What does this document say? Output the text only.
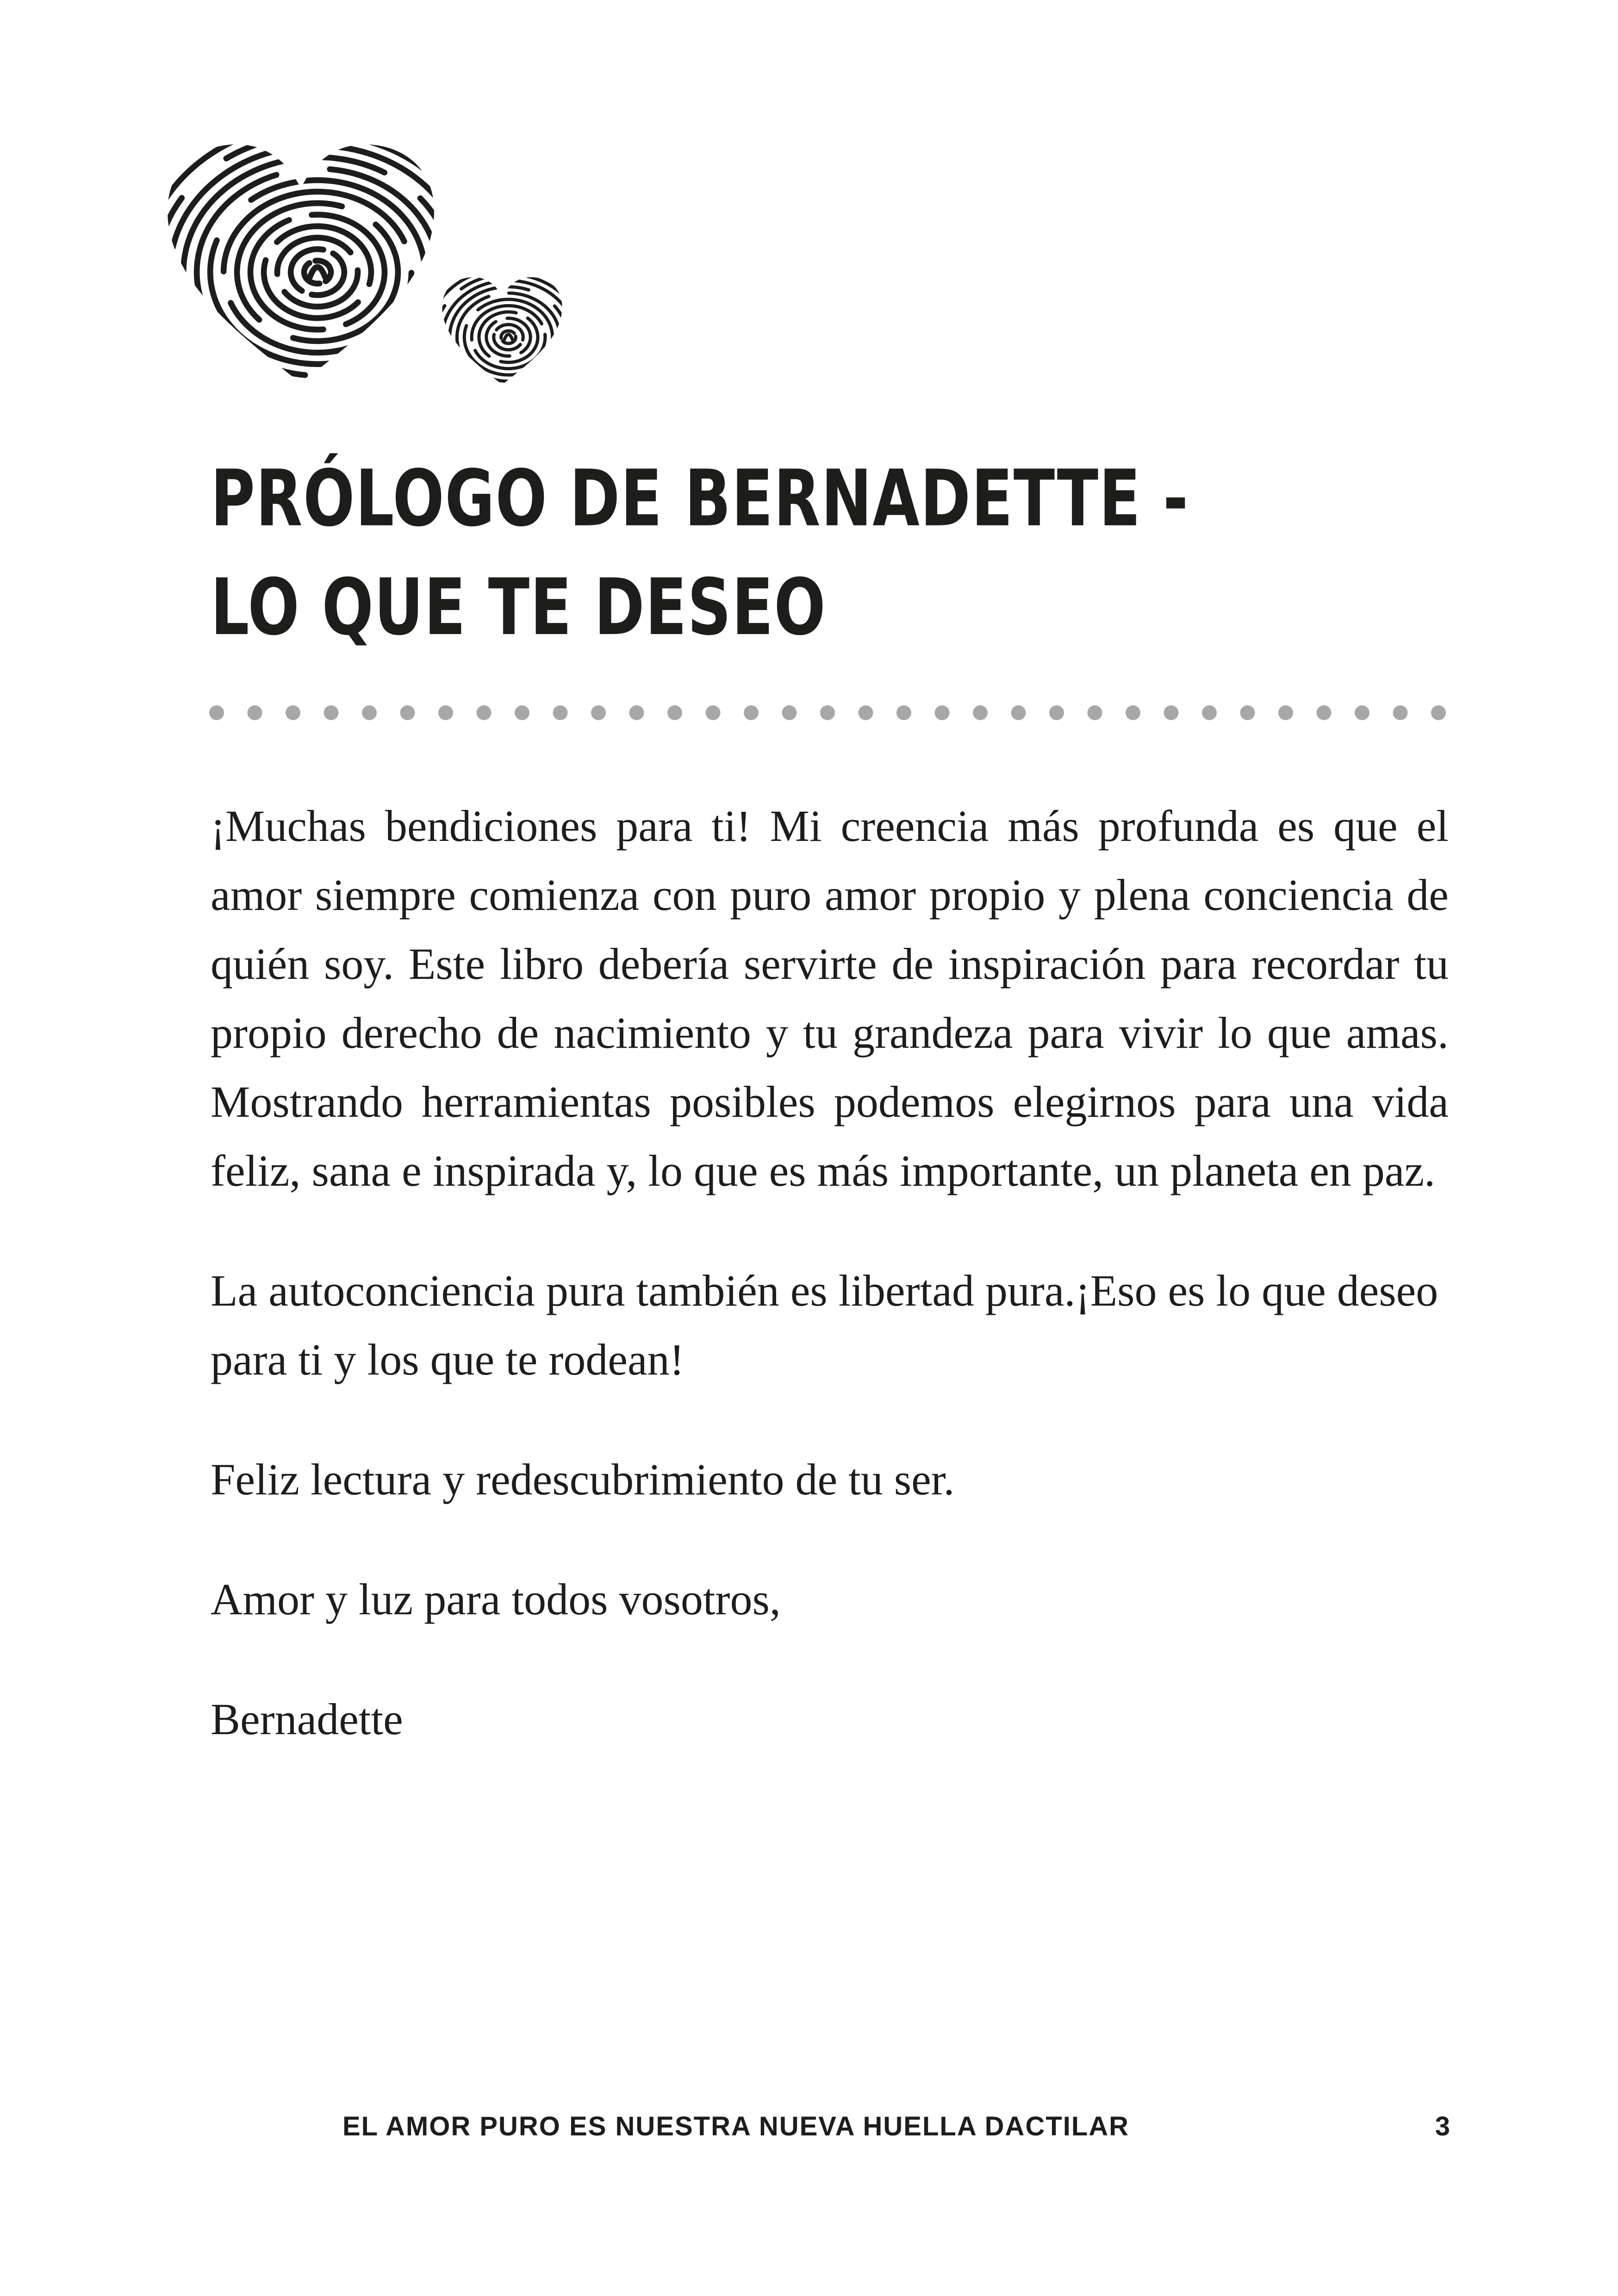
PRÓLOGO DE BERNADETTE -
LO QUE TE DESEO

¡Muchas bendiciones para ti! Mi creencia más profunda es que el amor siempre comienza con puro amor propio y plena conciencia de quién soy. Este libro debería servirte de inspiración para recordar tu propio derecho de nacimiento y tu grandeza para vivir lo que amas. Mostrando herramientas posibles podemos elegirnos para una vida feliz, sana e inspirada y, lo que es más importante, un planeta en paz.

La autoconciencia pura también es libertad pura.¡Eso es lo que deseo para ti y los que te rodean!

Feliz lectura y redescubrimiento de tu ser.

Amor y luz para todos vosotros,

Bernadette

EL AMOR PURO ES NUESTRA NUEVA HUELLA DACTILAR	3
